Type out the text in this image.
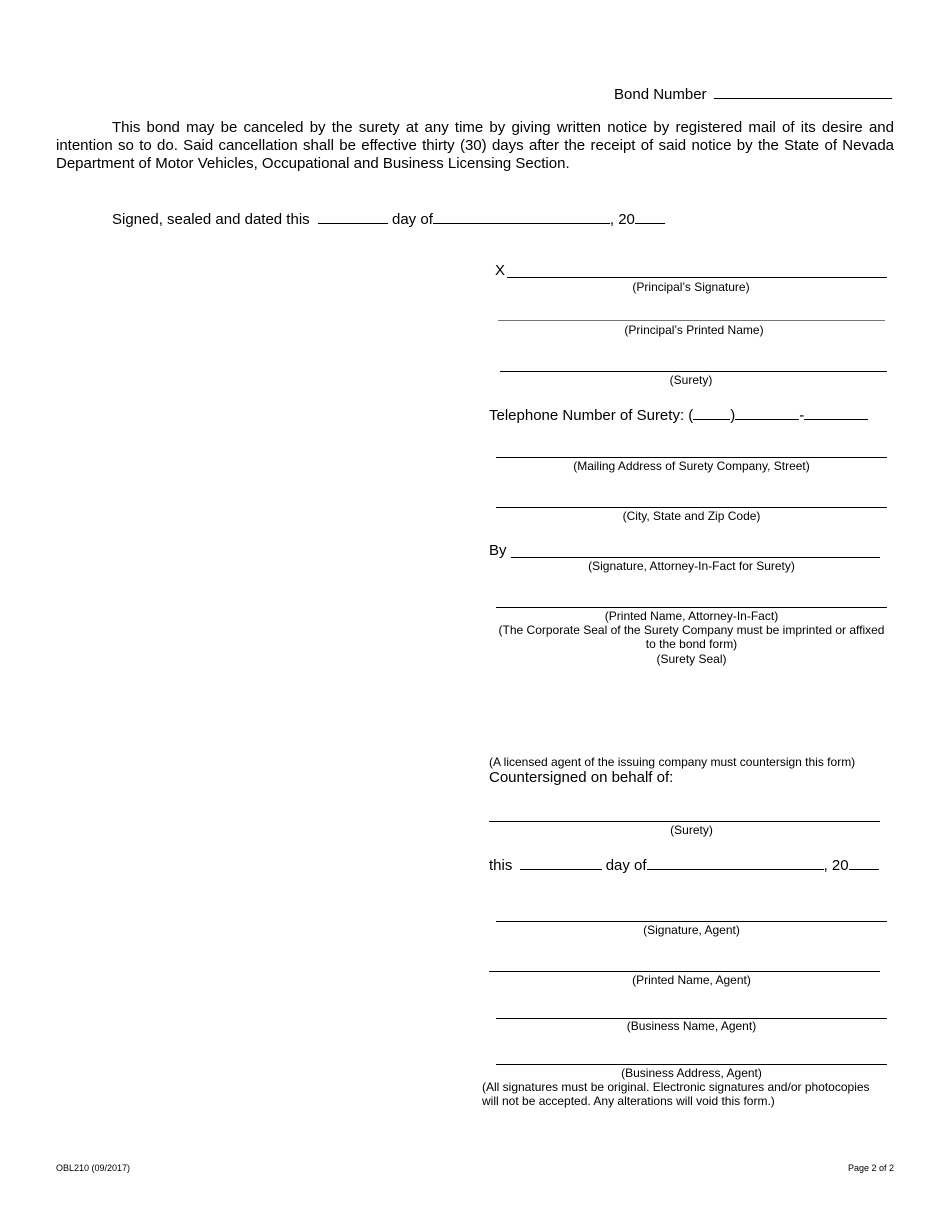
Bond Number
This bond may be canceled by the surety at any time by giving written notice by registered mail of its desire and intention so to do. Said cancellation shall be effective thirty (30) days after the receipt of said notice by the State of Nevada Department of Motor Vehicles, Occupational and Business Licensing Section.
Signed, sealed and dated this	day of	, 20
X
(Principal’s Signature)
(Principal’s Printed Name)
(Surety)
Telephone Number of Surety: ( )	-
(Mailing Address of Surety Company, Street)
(City, State and Zip Code)
By
(Signature, Attorney-In-Fact for Surety)
(Printed Name, Attorney-In-Fact)
(The Corporate Seal of the Surety Company must be imprinted or affixed
to the bond form)
(Surety Seal)
(A licensed agent of the issuing company must countersign this form)
Countersigned on behalf of:
(Surety)
this	day of	, 20
(Signature, Agent)
(Printed Name, Agent)
(Business Name, Agent)
(Business Address, Agent)
(All signatures must be original. Electronic signatures and/or photocopies
will not be accepted. Any alterations will void this form.)
OBL210 (09/2017)	Page 2 of 2
